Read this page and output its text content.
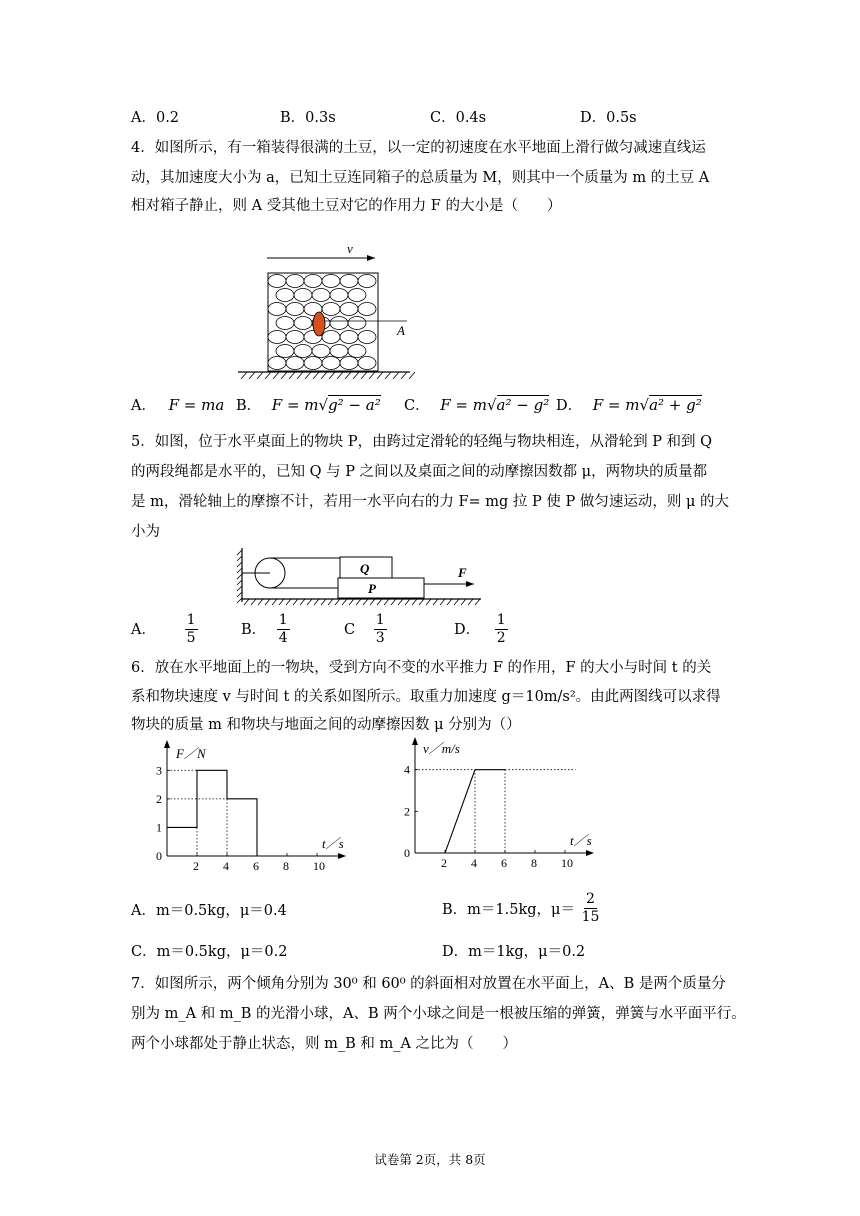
A．0.2	B．0.3s	C．0.4s	D．0.5s
4．如图所示，有一箱装得很满的土豆，以一定的初速度在水平地面上滑行做匀减速直线运
动，其加速度大小为 a，已知土豆连同箱子的总质量为 M，则其中一个质量为 m 的土豆 A
相对箱子静止，则 A 受其他土豆对它的作用力 F 的大小是（　　）
v
A
A． F = ma B． F = m√g² − a² C． F = m√a² − g² D． F = m√a² + g²
5．如图，位于水平桌面上的物块 P，由跨过定滑轮的轻绳与物块相连，从滑轮到 P 和到 Q
的两段绳都是水平的，已知 Q 与 P 之间以及桌面之间的动摩擦因数都 μ，两物块的质量都
是 m，滑轮轴上的摩擦不计，若用一水平向右的力 F= mg 拉 P 使 P 做匀速运动，则 μ 的大
小为
Q
P
F
A． $\frac{1}{5}$	B． $\frac{1}{4}$	C $\frac{1}{3}$	D． $\frac{1}{2}$
6．放在水平地面上的一物块，受到方向不变的水平推力 F 的作用，F 的大小与时间 t 的关
系和物块速度 v 与时间 t 的关系如图所示。取重力加速度 g＝10m/s²。由此两图线可以求得
物块的质量 m 和物块与地面之间的动摩擦因数 μ 分别为（）
2 4 6 8 10
0
1
2
3
F／N
t／s
2 4 6 8 10
0
2
4
v／m/s
t／s
A．m＝0.5kg，μ＝0.4	B．m＝1.5kg，$\mu= \frac{2}{15}$
C．m＝0.5kg，μ＝0.2	D．m＝1kg，μ＝0.2
7．如图所示，两个倾角分别为 30⁰ 和 60⁰ 的斜面相对放置在水平面上，A、B 是两个质量分
别为 m_A 和 m_B 的光滑小球，A、B 两个小球之间是一根被压缩的弹簧，弹簧与水平面平行。
两个小球都处于静止状态，则 m_B 和 m_A 之比为（　　）
试卷第 2页，共 8页
